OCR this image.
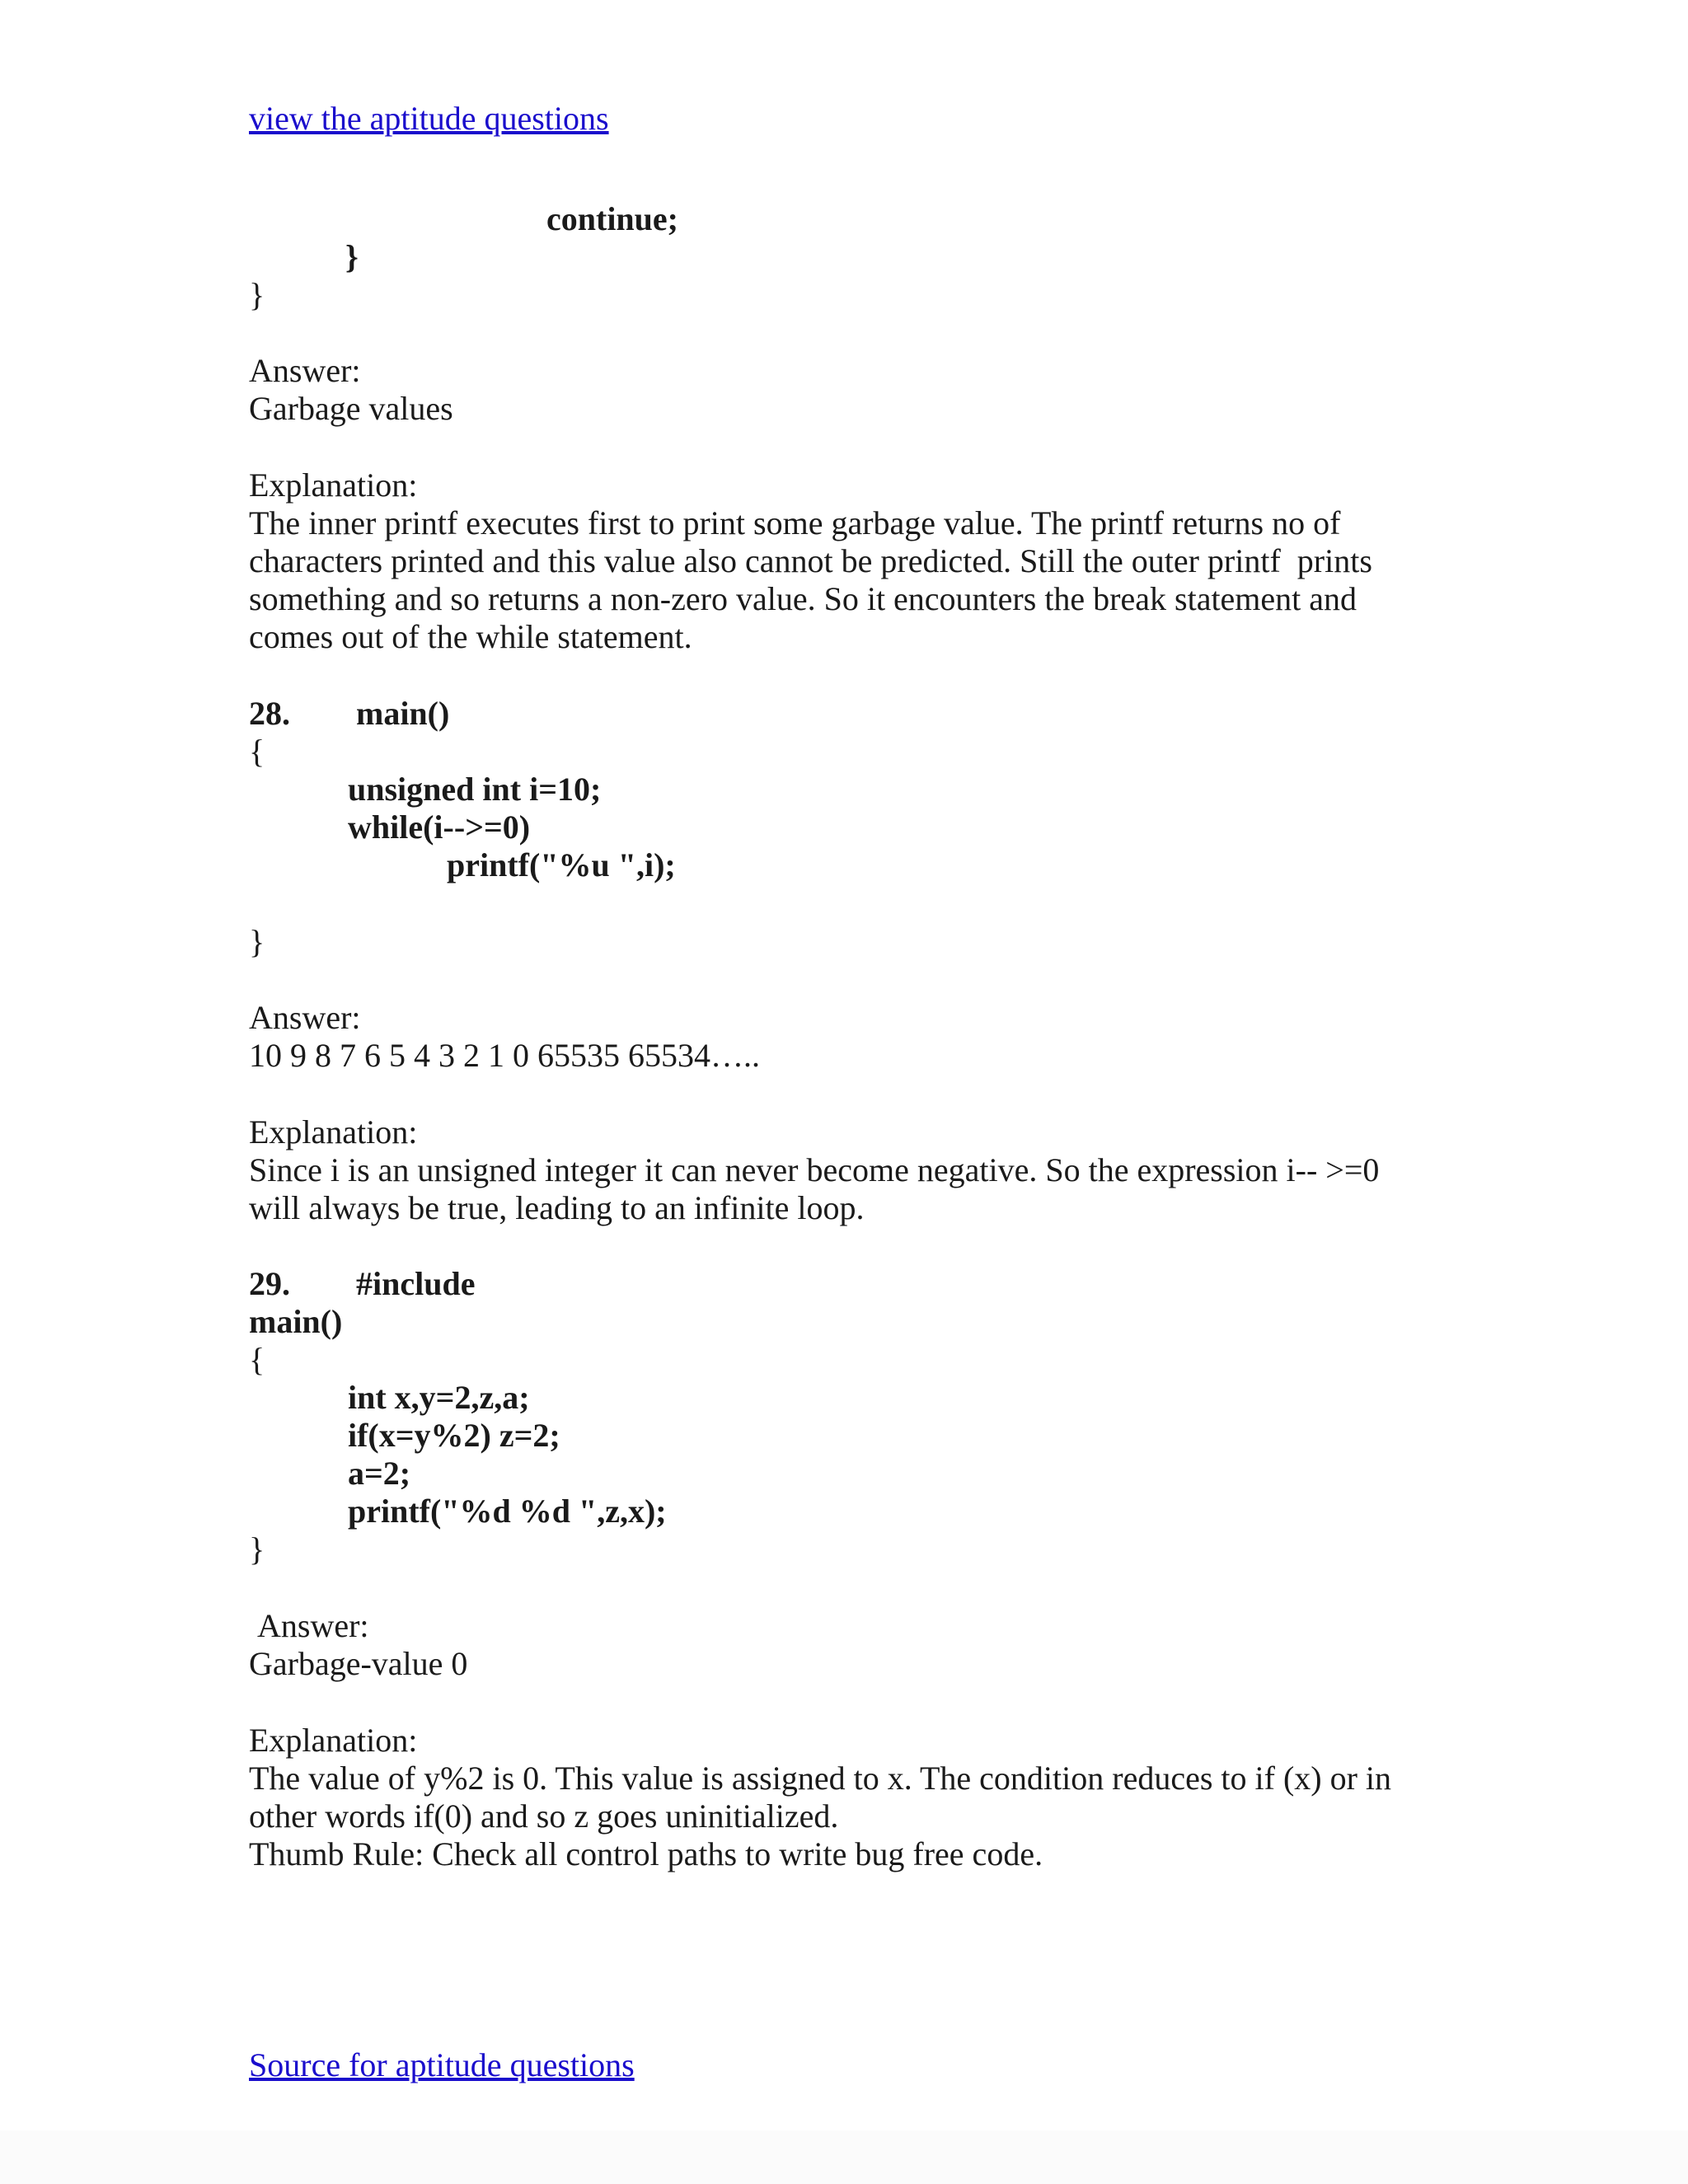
view the aptitude questions
continue;
}
}
Answer:
Garbage values
Explanation:
The inner printf executes first to print some garbage value. The printf returns no of
characters printed and this value also cannot be predicted. Still the outer printf  prints
something and so returns a non-zero value. So it encounters the break statement and
comes out of the while statement.
28. main()
{
unsigned int i=10;
while(i-->=0)
printf("%u ",i);
}
Answer:
10 9 8 7 6 5 4 3 2 1 0 65535 65534…..
Explanation:
Since i is an unsigned integer it can never become negative. So the expression i-- >=0
will always be true, leading to an infinite loop.
29. #include
main()
{
int x,y=2,z,a;
if(x=y%2) z=2;
a=2;
printf("%d %d ",z,x);
}
Answer:
Garbage-value 0
Explanation:
The value of y%2 is 0. This value is assigned to x. The condition reduces to if (x) or in
other words if(0) and so z goes uninitialized.
Thumb Rule: Check all control paths to write bug free code.
Source for aptitude questions
